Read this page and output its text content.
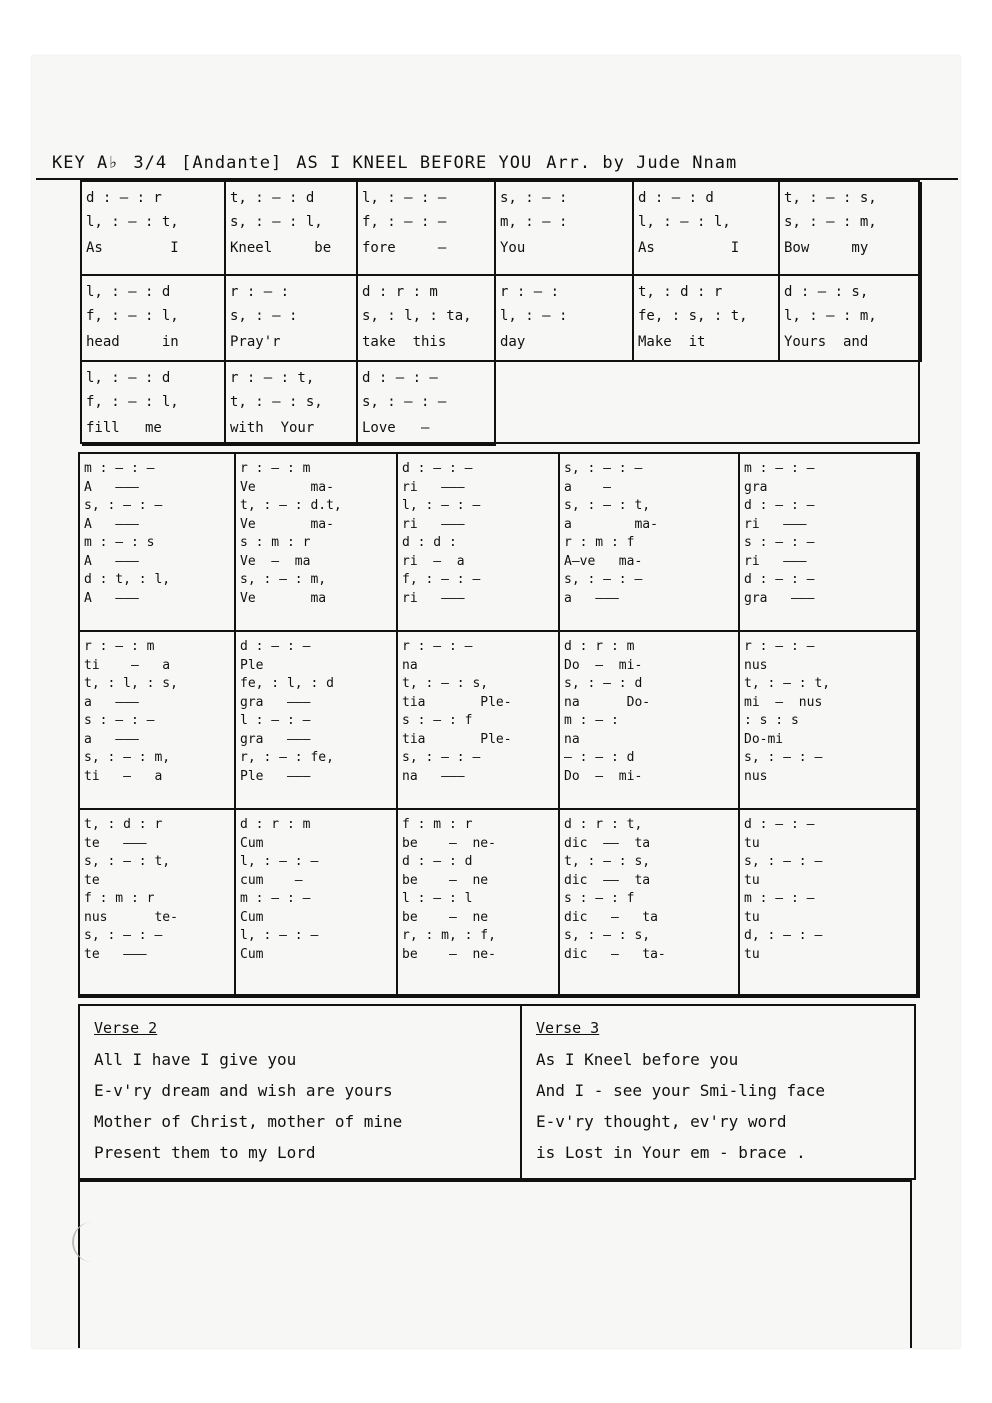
KEY A♭ 3/4 [Andante] AS I KNEEL BEFORE YOU Arr. by Jude Nnam
d : — : r
l, : — : t,
As        I
t, : — : d
s, : — : l,
Kneel     be
l, : — : —
f, : — : —
fore     —
s, : — :
m, : — :
You
d : — : d
l, : — : l,
As         I
t, : — : s,
s, : — : m,
Bow     my
l, : — : d
f, : — : l,
head     in
r : — :
s, : — :
Pray'r
d : r : m
s, : l, : ta,
take  this
r : — :
l, : — :
day
t, : d : r
fe, : s, : t,
Make  it
d : — : s,
l, : — : m,
Yours  and
l, : — : d
f, : — : l,
fill   me
r : — : t,
t, : — : s,
with  Your
d : — : —
s, : — : —
Love   —
m : — : —
A   ———
s, : — : —
A   ———
m : — : s
A   ———
d : t, : l,
A   ———
r : — : m
Ve       ma-
t, : — : d.t,
Ve       ma-
s : m : r
Ve  —  ma
s, : — : m,
Ve       ma
d : — : —
ri   ———
l, : — : —
ri   ———
d : d :
ri  —  a
f, : — : —
ri   ———
s, : — : —
a    —
s, : — : t,
a        ma-
r : m : f
A—ve   ma-
s, : — : —
a   ———
m : — : —
gra
d : — : —
ri   ———
s : — : —
ri   ———
d : — : —
gra   ———
r : — : m
ti    —   a
t, : l, : s,
a   ———
s : — : —
a   ———
s, : — : m,
ti   —   a
d : — : —
Ple
fe, : l, : d
gra   ———
l : — : —
gra   ———
r, : — : fe,
Ple   ———
r : — : —
na
t, : — : s,
tia       Ple-
s : — : f
tia       Ple-
s, : — : —
na   ———
d : r : m
Do  —  mi-
s, : — : d
na      Do-
m : — :
na
— : — : d
Do  —  mi-
r : — : —
nus
t, : — : t,
mi  —  nus
: s : s
Do-mi
s, : — : —
nus
t, : d : r
te   ———
s, : — : t,
te
f : m : r
nus      te-
s, : — : —
te   ———
d : r : m
Cum
l, : — : —
cum    —
m : — : —
Cum
l, : — : —
Cum
f : m : r
be    —  ne-
d : — : d
be    —  ne
l : — : l
be    —  ne
r, : m, : f,
be    —  ne-
d : r : t,
dic  ——  ta
t, : — : s,
dic  ——  ta
s : — : f
dic   —   ta
s, : — : s,
dic   —   ta-
d : — : —
tu
s, : — : —
tu
m : — : —
tu
d, : — : —
tu
Verse 2
All I have I give you
E-v'ry dream and wish are yours
Mother of Christ, mother of mine
Present them to my Lord
Verse 3
As I Kneel before you
And I - see your Smi-ling face
E-v'ry thought, ev'ry word
is Lost in Your em - brace .
